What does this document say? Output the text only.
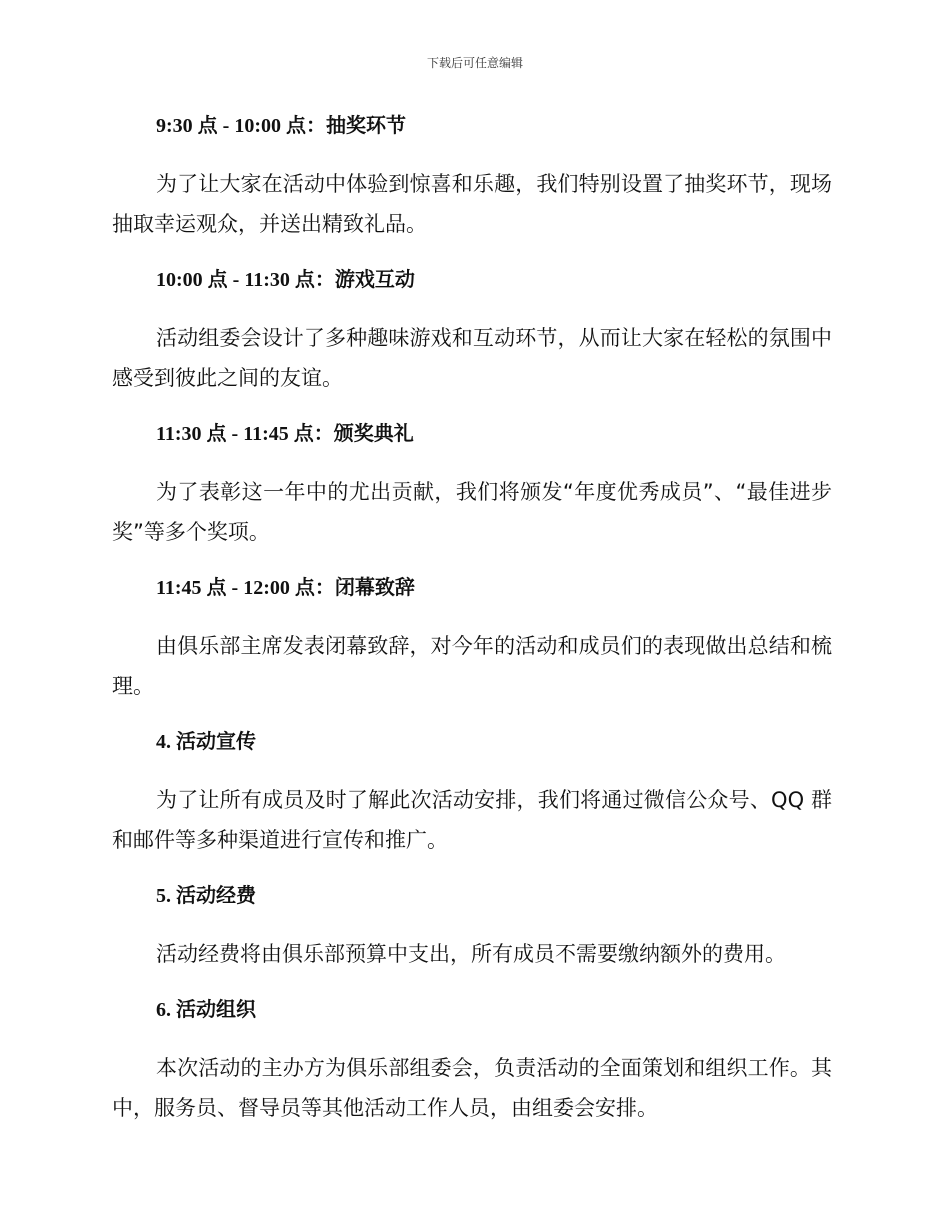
下载后可任意编辑
9:30 点 - 10:00 点：抽奖环节

为了让大家在活动中体验到惊喜和乐趣，我们特别设置了抽奖环节，现场抽取幸运观众，并送出精致礼品。

10:00 点 - 11:30 点：游戏互动

活动组委会设计了多种趣味游戏和互动环节，从而让大家在轻松的氛围中感受到彼此之间的友谊。

11:30 点 - 11:45 点：颁奖典礼

为了表彰这一年中的尤出贡献，我们将颁发“年度优秀成员”、“最佳进步奖”等多个奖项。

11:45 点 - 12:00 点：闭幕致辞

由俱乐部主席发表闭幕致辞，对今年的活动和成员们的表现做出总结和梳理。

4. 活动宣传

为了让所有成员及时了解此次活动安排，我们将通过微信公众号、QQ 群和邮件等多种渠道进行宣传和推广。

5. 活动经费

活动经费将由俱乐部预算中支出，所有成员不需要缴纳额外的费用。

6. 活动组织

本次活动的主办方为俱乐部组委会，负责活动的全面策划和组织工作。其中，服务员、督导员等其他活动工作人员，由组委会安排。
